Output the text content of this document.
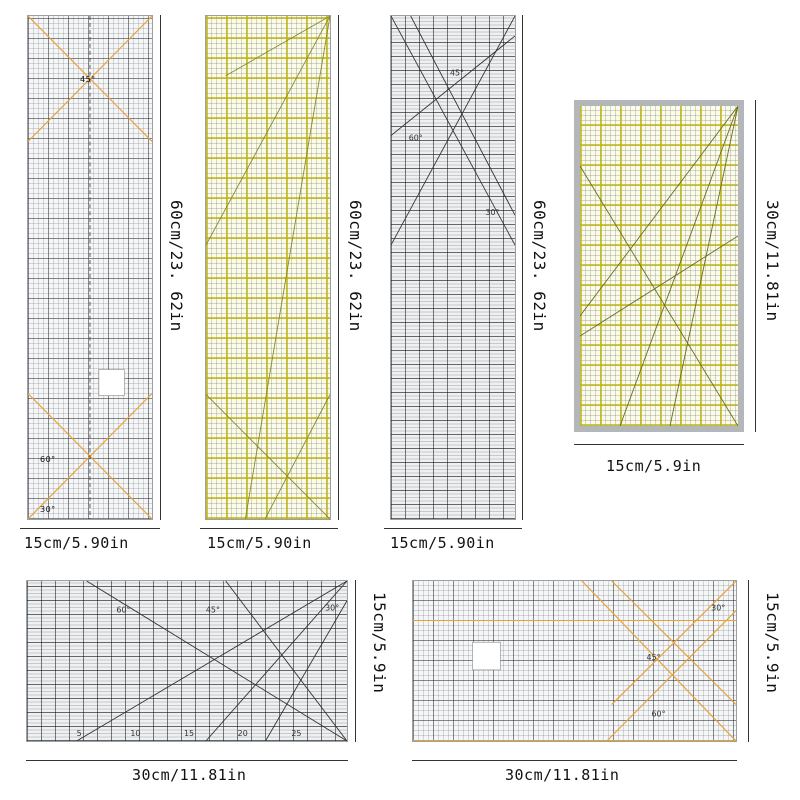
15cm/5.90in
60cm/23. 62in
15cm/5.90in
60cm/23. 62in
60°
45°
30°
15cm/5.90in
60cm/23. 62in
15cm/5.9in
30cm/11.81in
60°	45°	30°
5	10	15	20	25
30cm/11.81in
15cm/5.9in	45°
60°
30°
30cm/11.81in
15cm/5.9in
45°
60°
30°
